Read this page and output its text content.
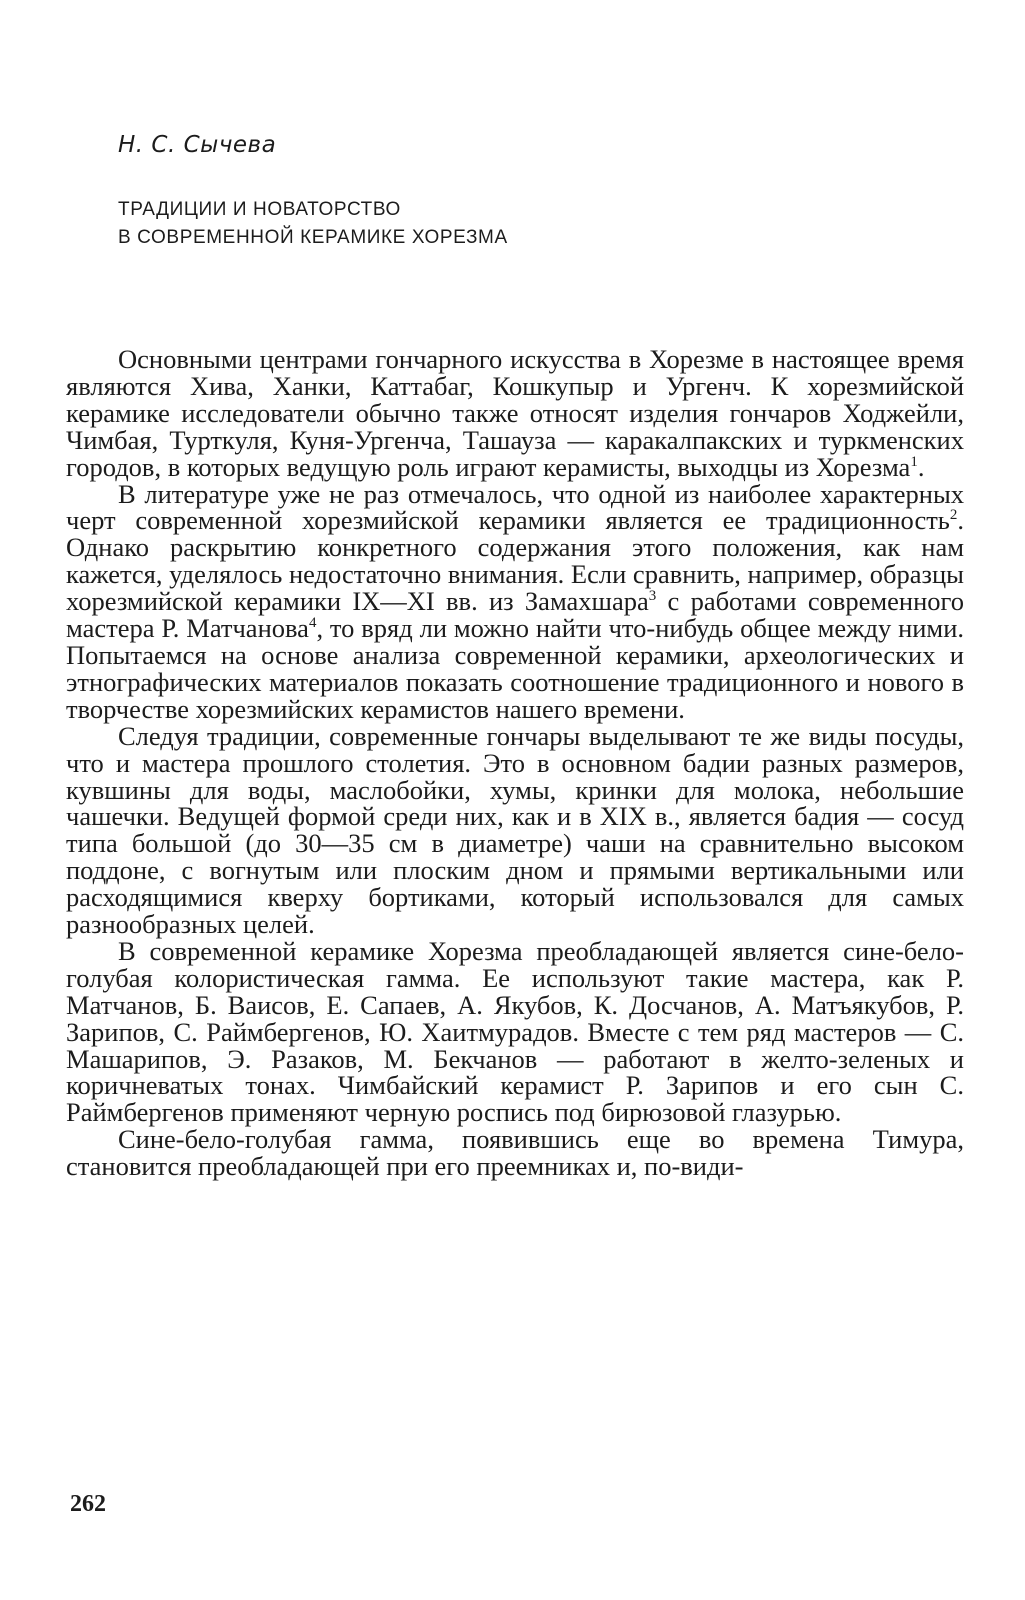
Н. С. Сычева
ТРАДИЦИИ И НОВАТОРСТВО
В СОВРЕМЕННОЙ КЕРАМИКЕ ХОРЕЗМА

Основными центрами гончарного искусства в Хорезме в настоящее время являются Хива, Ханки, Каттабаг, Кошкупыр и Ургенч. К хорезмийской керамике исследователи обычно также относят изделия гончаров Ходжейли, Чимбая, Турткуля, Куня-Ургенча, Ташауза — каракалпакских и туркменских городов, в которых ведущую роль играют керамисты, выходцы из Хорезма$^1$.

В литературе уже не раз отмечалось, что одной из наиболее характерных черт современной хорезмийской керамики является ее традиционность$^2$. Однако раскрытию конкретного содержания этого положения, как нам кажется, уделялось недостаточно внимания. Если сравнить, например, образцы хорезмийской керамики IX—XI вв. из Замахшара$^3$ с работами современного мастера Р. Матчанова$^4$, то вряд ли можно найти что-нибудь общее между ними. Попытаемся на основе анализа современной керамики, археологических и этнографических материалов показать соотношение традиционного и нового в творчестве хорезмийских керамистов нашего времени.

Следуя традиции, современные гончары выделывают те же виды посуды, что и мастера прошлого столетия. Это в основном бадии разных размеров, кувшины для воды, маслобойки, хумы, кринки для молока, небольшие чашечки. Ведущей формой среди них, как и в XIX в., является бадия — сосуд типа большой (до 30—35 см в диаметре) чаши на сравнительно высоком поддоне, с вогнутым или плоским дном и прямыми вертикальными или расходящимися кверху бортиками, который использовался для самых разнообразных целей.

В современной керамике Хорезма преобладающей является сине-бело-голубая колористическая гамма. Ее используют такие мастера, как Р. Матчанов, Б. Ваисов, Е. Сапаев, А. Якубов, К. Досчанов, А. Матъякубов, Р. Зарипов, С. Раймбергенов, Ю. Хаитмурадов. Вместе с тем ряд мастеров — С. Машарипов, Э. Разаков, М. Бекчанов — работают в желто-зеленых и коричневатых тонах. Чимбайский керамист Р. Зарипов и его сын С. Раймбергенов применяют черную роспись под бирюзовой глазурью.

Сине-бело-голубая гамма, появившись еще во времена Тимура, становится преобладающей при его преемниках и, по-види-

262
